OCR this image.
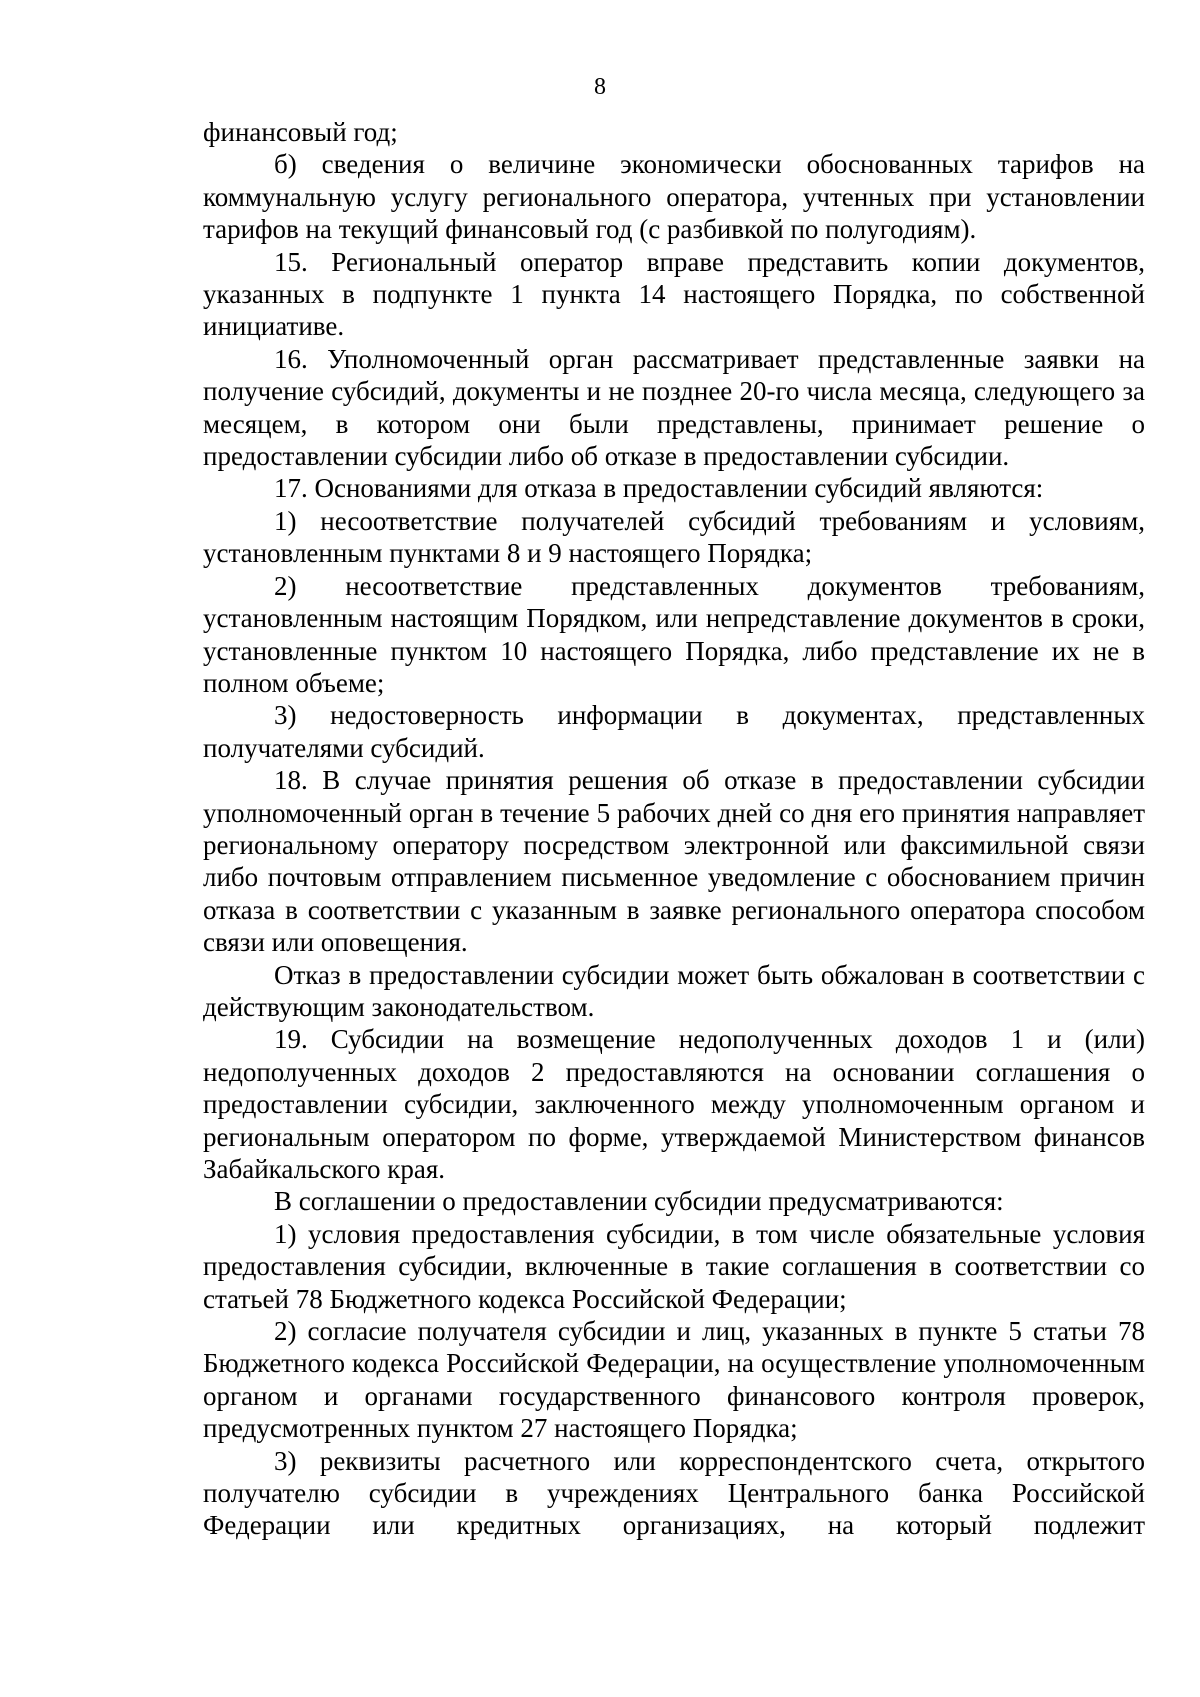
8

финансовый год;

б) сведения о величине экономически обоснованных тарифов на коммунальную услугу регионального оператора, учтенных при установлении тарифов на текущий финансовый год (с разбивкой по полугодиям).

15. Региональный оператор вправе представить копии документов, указанных в подпункте 1 пункта 14 настоящего Порядка, по собственной инициативе.

16. Уполномоченный орган рассматривает представленные заявки на получение субсидий, документы и не позднее 20-го числа месяца, следующего за месяцем, в котором они были представлены, принимает решение о предоставлении субсидии либо об отказе в предоставлении субсидии.

17. Основаниями для отказа в предоставлении субсидий являются:

1) несоответствие получателей субсидий требованиям и условиям, установленным пунктами 8 и 9 настоящего Порядка;

2) несоответствие представленных документов требованиям, установленным настоящим Порядком, или непредставление документов в сроки, установленные пунктом 10 настоящего Порядка, либо представление их не в полном объеме;

3) недостоверность информации в документах, представленных получателями субсидий.

18. В случае принятия решения об отказе в предоставлении субсидии уполномоченный орган в течение 5 рабочих дней со дня его принятия направляет региональному оператору посредством электронной или факсимильной связи либо почтовым отправлением письменное уведомление с обоснованием причин отказа в соответствии с указанным в заявке регионального оператора способом связи или оповещения.

Отказ в предоставлении субсидии может быть обжалован в соответствии с действующим законодательством.

19. Субсидии на возмещение недополученных доходов 1 и (или) недополученных доходов 2 предоставляются на основании соглашения о предоставлении субсидии, заключенного между уполномоченным органом и региональным оператором по форме, утверждаемой Министерством финансов Забайкальского края.

В соглашении о предоставлении субсидии предусматриваются:

1) условия предоставления субсидии, в том числе обязательные условия предоставления субсидии, включенные в такие соглашения в соответствии со статьей 78 Бюджетного кодекса Российской Федерации;

2) согласие получателя субсидии и лиц, указанных в пункте 5 статьи 78 Бюджетного кодекса Российской Федерации, на осуществление уполномоченным органом и органами государственного финансового контроля проверок, предусмотренных пунктом 27 настоящего Порядка;

3) реквизиты расчетного или корреспондентского счета, открытого получателю субсидии в учреждениях Центрального банка Российской Федерации или кредитных организациях, на который подлежит
